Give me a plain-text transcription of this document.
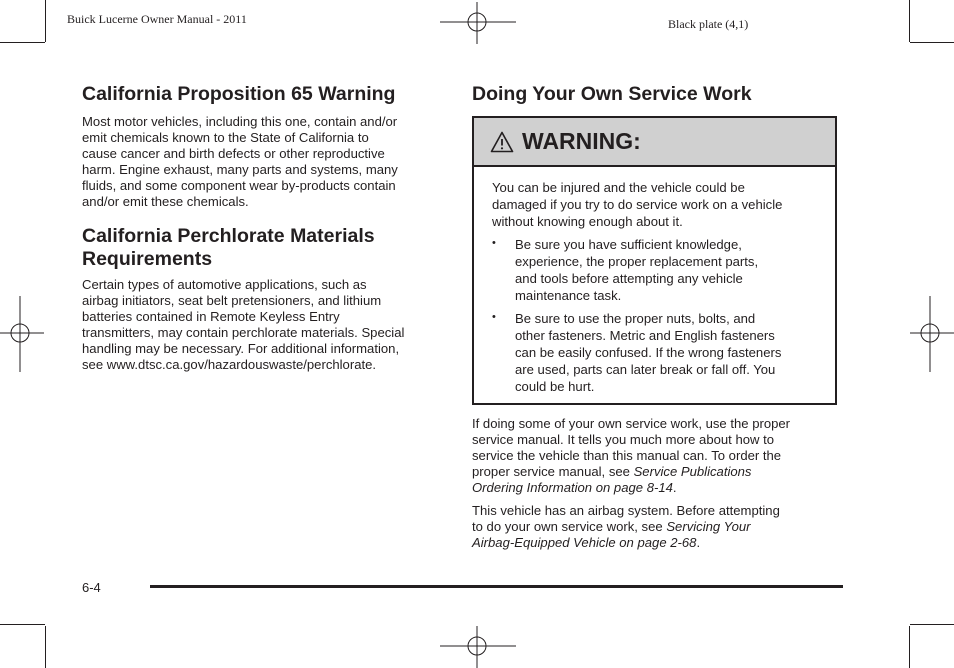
Buick Lucerne Owner Manual - 2011	Black plate (4,1)
California Proposition 65 Warning
Most motor vehicles, including this one, contain and/or
emit chemicals known to the State of California to
cause cancer and birth defects or other reproductive
harm. Engine exhaust, many parts and systems, many
fluids, and some component wear by-products contain
and/or emit these chemicals.
California Perchlorate Materials
Requirements
Certain types of automotive applications, such as
airbag initiators, seat belt pretensioners, and lithium
batteries contained in Remote Keyless Entry
transmitters, may contain perchlorate materials. Special
handling may be necessary. For additional information,
see www.dtsc.ca.gov/hazardouswaste/perchlorate.
Doing Your Own Service Work
WARNING:
You can be injured and the vehicle could be
damaged if you try to do service work on a vehicle
without knowing enough about it.
•	Be sure you have sufficient knowledge,
experience, the proper replacement parts,
and tools before attempting any vehicle
maintenance task.
•	Be sure to use the proper nuts, bolts, and
other fasteners. Metric and English fasteners
can be easily confused. If the wrong fasteners
are used, parts can later break or fall off. You
could be hurt.

If doing some of your own service work, use the proper
service manual. It tells you much more about how to
service the vehicle than this manual can. To order the
proper service manual, see Service Publications
Ordering Information on page 8-14.

This vehicle has an airbag system. Before attempting
to do your own service work, see Servicing Your
Airbag-Equipped Vehicle on page 2-68.

6-4
